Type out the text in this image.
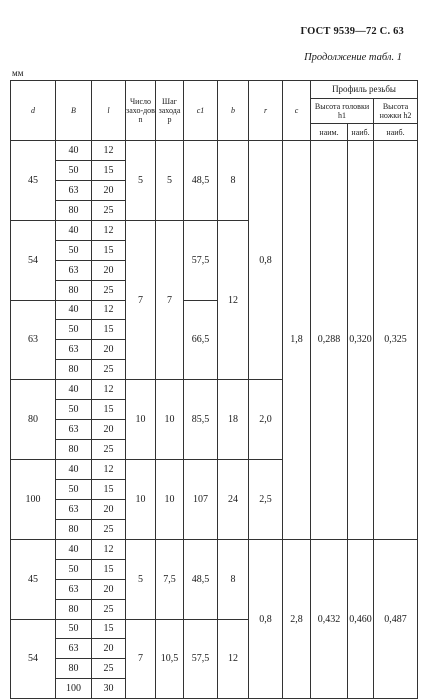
ГОСТ 9539—72 С. 63
Продолжение табл. 1
мм
d	B	l	Число захо-дов n	Шаг захода p	c1	b	r	c	Профиль резьбы		
									Высота головки h1		Высота ножки h2
									наим.	наиб.	наиб.
45	40	12	5	5	48,5	8	0,8	1,8	0,288	0,320	0,325
	50	15									
	63	20									
	80	25									
54	40	12	7	7	57,5	12					
	50	15									
	63	20									
	80	25									
63	40	12			66,5						
	50	15									
	63	20									
	80	25									
80	40	12	10	10	85,5	18	2,0				
	50	15									
	63	20									
	80	25									
100	40	12	10	10	107	24	2,5				
	50	15									
	63	20									
	80	25									
45	40	12	5	7,5	48,5	8	0,8	2,8	0,432	0,460	0,487
	50	15									
	63	20									
	80	25									
54	50	15	7	10,5	57,5	12					
	63	20									
	80	25									
	100	30									
